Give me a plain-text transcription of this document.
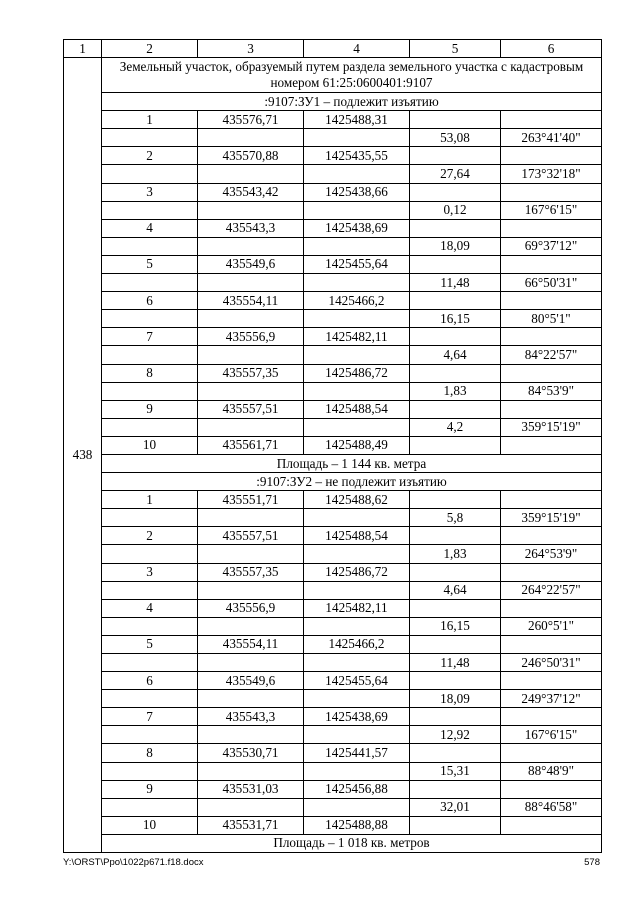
1	2	3	4	5	6
438	Земельный участок, образуемый путем раздела земельного участка с кадастровым номером 61:25:0600401:9107				
	:9107:ЗУ1 – подлежит изъятию				
	1	435576,71	1425488,31		
				53,08	263°41'40"
	2	435570,88	1425435,55		
				27,64	173°32'18"
	3	435543,42	1425438,66		
				0,12	167°6'15"
	4	435543,3	1425438,69		
				18,09	69°37'12"
	5	435549,6	1425455,64		
				11,48	66°50'31"
	6	435554,11	1425466,2		
				16,15	80°5'1"
	7	435556,9	1425482,11		
				4,64	84°22'57"
	8	435557,35	1425486,72		
				1,83	84°53'9"
	9	435557,51	1425488,54		
				4,2	359°15'19"
	10	435561,71	1425488,49		
	Площадь – 1 144 кв. метра				
	:9107:ЗУ2 – не подлежит изъятию				
	1	435551,71	1425488,62		
				5,8	359°15'19"
	2	435557,51	1425488,54		
				1,83	264°53'9"
	3	435557,35	1425486,72		
				4,64	264°22'57"
	4	435556,9	1425482,11		
				16,15	260°5'1"
	5	435554,11	1425466,2		
				11,48	246°50'31"
	6	435549,6	1425455,64		
				18,09	249°37'12"
	7	435543,3	1425438,69		
				12,92	167°6'15"
	8	435530,71	1425441,57		
				15,31	88°48'9"
	9	435531,03	1425456,88		
				32,01	88°46'58"
	10	435531,71	1425488,88		
	Площадь – 1 018 кв. метров				
Y:\ORST\Ppo\1022p671.f18.docx	578
